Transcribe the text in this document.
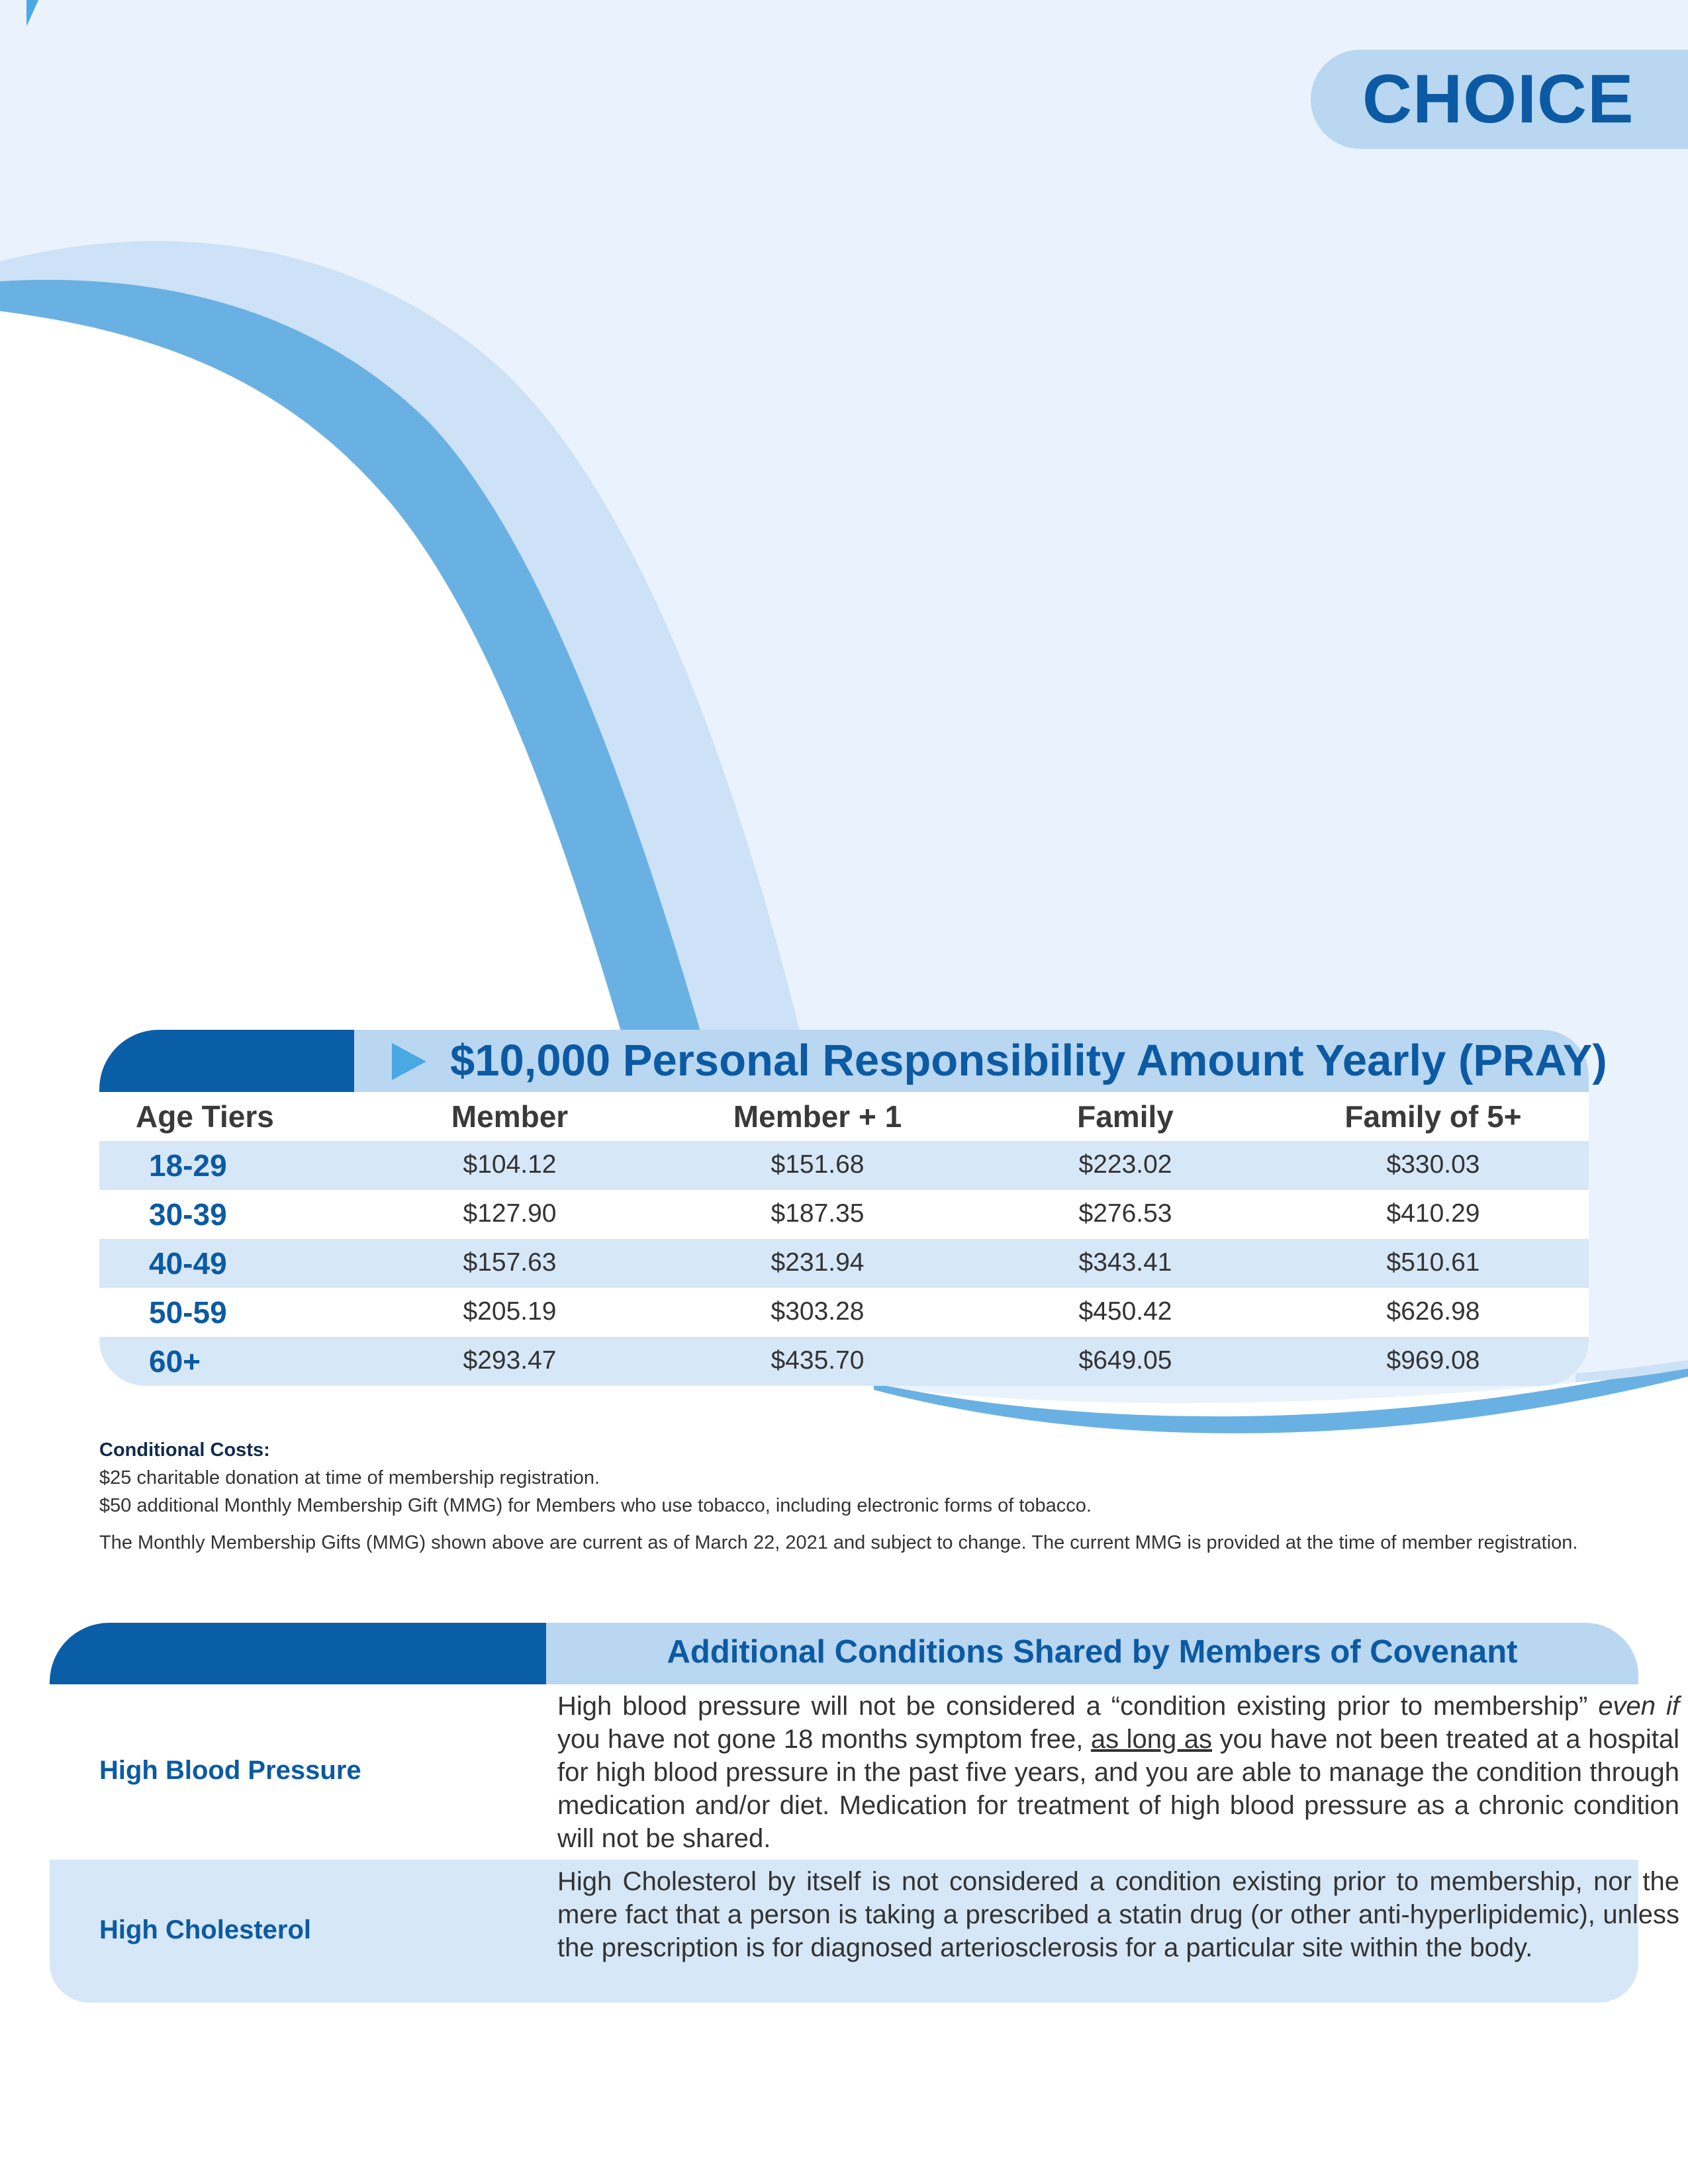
CHOICE
$10,000 Personal Responsibility Amount Yearly (PRAY)
Age Tiers	Member	Member + 1	Family	Family of 5+
18-29	$104.12	$151.68	$223.02	$330.03
30-39	$127.90	$187.35	$276.53	$410.29
40-49	$157.63	$231.94	$343.41	$510.61
50-59	$205.19	$303.28	$450.42	$626.98
60+	$293.47	$435.70	$649.05	$969.08
Conditional Costs:
$25 charitable donation at time of membership registration.
$50 additional Monthly Membership Gift (MMG) for Members who use tobacco, including electronic forms of tobacco.
The Monthly Membership Gifts (MMG) shown above are current as of March 22, 2021 and subject to change. The current MMG is provided at the time of member registration.
Additional Conditions Shared by Members of Covenant
High Blood Pressure
High blood pressure will not be considered a “condition existing prior to membership” even if you have not gone 18 months symptom free, as long as you have not been treated at a hospital for high blood pressure in the past five years, and you are able to manage the condition through medication and/or diet. Medication for treatment of high blood pressure as a chronic condition will not be shared.
High Cholesterol
High Cholesterol by itself is not considered a condition existing prior to membership, nor the mere fact that a person is taking a prescribed a statin drug (or other anti-hyperlipidemic), unless the prescription is for diagnosed arteriosclerosis for a particular site within the body.
